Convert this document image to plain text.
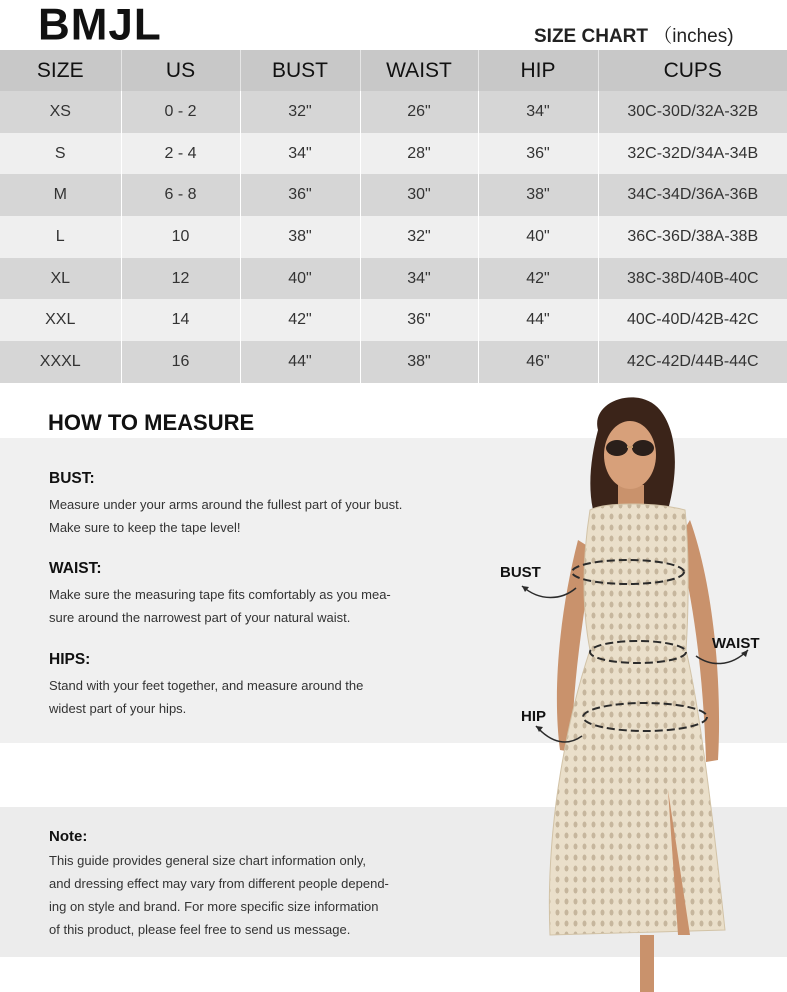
BMJL	SIZE CHART （inches)
SIZE	US	BUST	WAIST	HIP	CUPS
XS	0 - 2	32"	26"	34"	30C-30D/32A-32B
S	2 - 4	34"	28"	36"	32C-32D/34A-34B
M	6 - 8	36"	30"	38"	34C-34D/36A-36B
L	10	38"	32"	40"	36C-36D/38A-38B
XL	12	40"	34"	42"	38C-38D/40B-40C
XXL	14	42"	36"	44"	40C-40D/42B-42C
XXXL	16	44"	38"	46"	42C-42D/44B-44C
HOW TO MEASURE
BUST:
Measure under your arms around the fullest part of your bust.
Make sure to keep the tape level!
WAIST:
Make sure the measuring tape fits comfortably as you mea-
sure around the narrowest part of your natural waist.
HIPS:
Stand with your feet together, and measure around the
widest part of your hips.
Note:
This guide provides general size chart information only,
and dressing effect may vary from different people depend-
ing on style and brand. For more specific size information
of this product, please feel free to send us message.
BUST
WAIST
HIP
